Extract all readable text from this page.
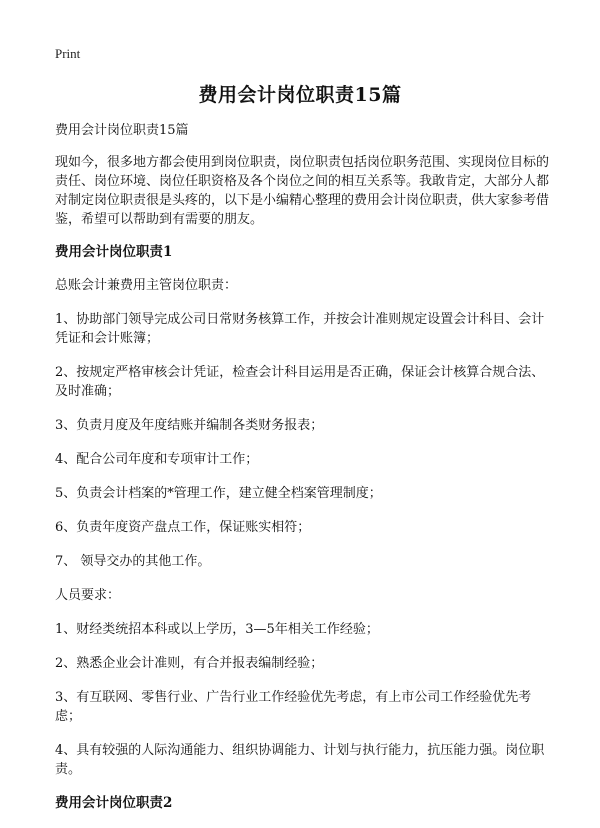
Print
费用会计岗位职责15篇

费用会计岗位职责15篇

现如今，很多地方都会使用到岗位职责，岗位职责包括岗位职务范围、实现岗位目标的责任、岗位环境、岗位任职资格及各个岗位之间的相互关系等。我敢肯定，大部分人都对制定岗位职责很是头疼的，以下是小编精心整理的费用会计岗位职责，供大家参考借鉴，希望可以帮助到有需要的朋友。

费用会计岗位职责1

总账会计兼费用主管岗位职责：

1、协助部门领导完成公司日常财务核算工作，并按会计准则规定设置会计科目、会计凭证和会计账簿；

2、按规定严格审核会计凭证，检查会计科目运用是否正确，保证会计核算合规合法、及时准确；

3、负责月度及年度结账并编制各类财务报表；

4、配合公司年度和专项审计工作；

5、负责会计档案的*管理工作，建立健全档案管理制度；

6、负责年度资产盘点工作，保证账实相符；

7、 领导交办的其他工作。

人员要求：

1、财经类统招本科或以上学历，3—5年相关工作经验；

2、熟悉企业会计准则，有合并报表编制经验；

3、有互联网、零售行业、广告行业工作经验优先考虑，有上市公司工作经验优先考虑；

4、具有较强的人际沟通能力、组织协调能力、计划与执行能力，抗压能力强。岗位职责。

费用会计岗位职责2
